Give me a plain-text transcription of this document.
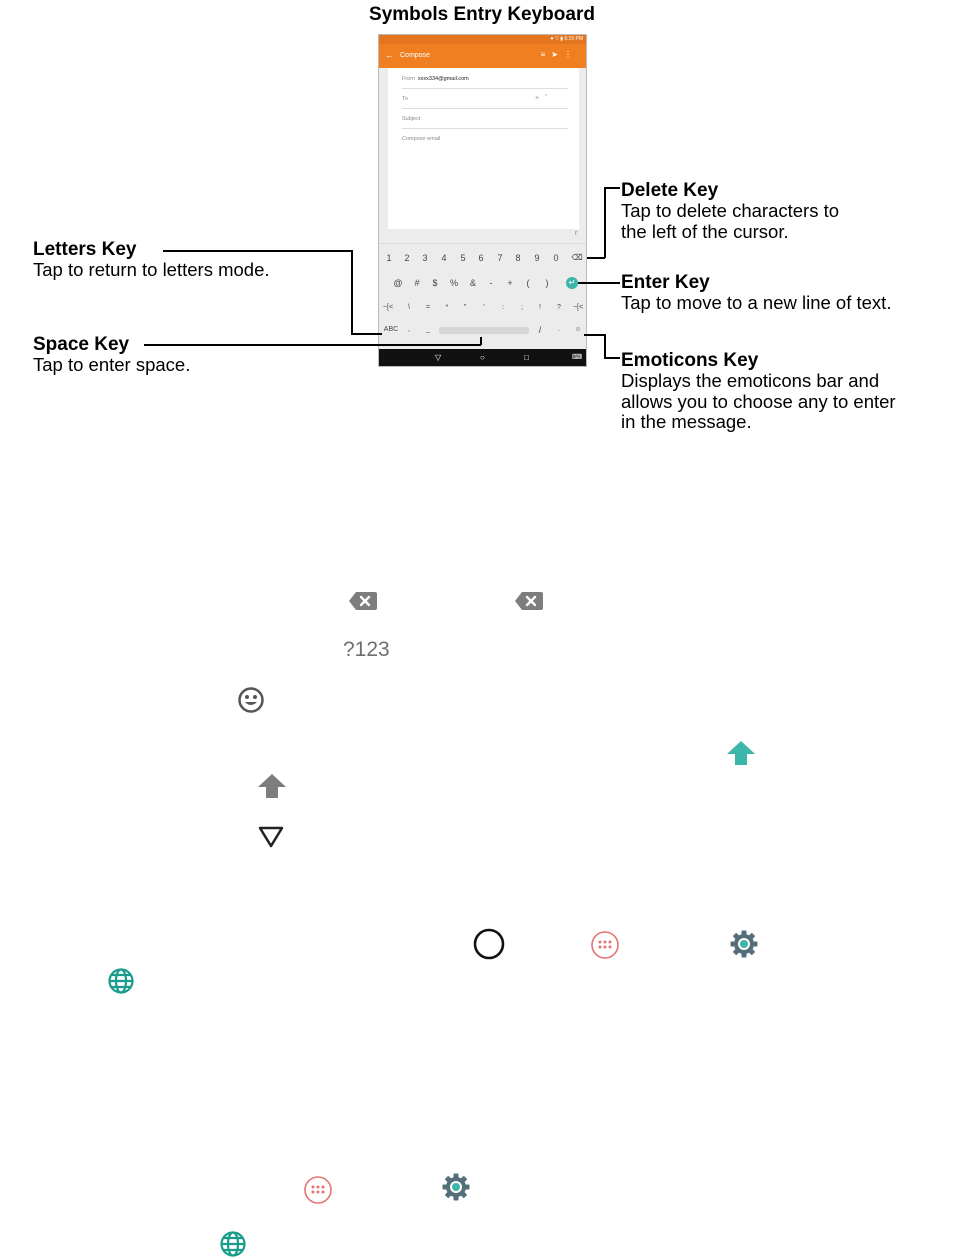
Symbols Entry Keyboard
♥ ▽ ▮ 6:15 PM
← Compose	≡➤⋮
From xxxx334@gmail.com
To	+   ˇ
Subject
Compose email
ᴦ
1	2	3	4	5	6	7	8	9	0	⌫
@	#	$	%	&	-	+	(	)	↵
~[<	\	=	*	"	'	:	;	!	?	~[<
ABC	,	_	/	.	☺
▽	○	□	⌨
Delete Key
Tap to delete characters to
the left of the cursor.
Letters Key
Tap to return to letters mode.
Enter Key
Tap to move to a new line of text.
Space Key
Tap to enter space.	Emoticons Key
Displays the emoticons bar and
allows you to choose any to enter
in the message.
?123
